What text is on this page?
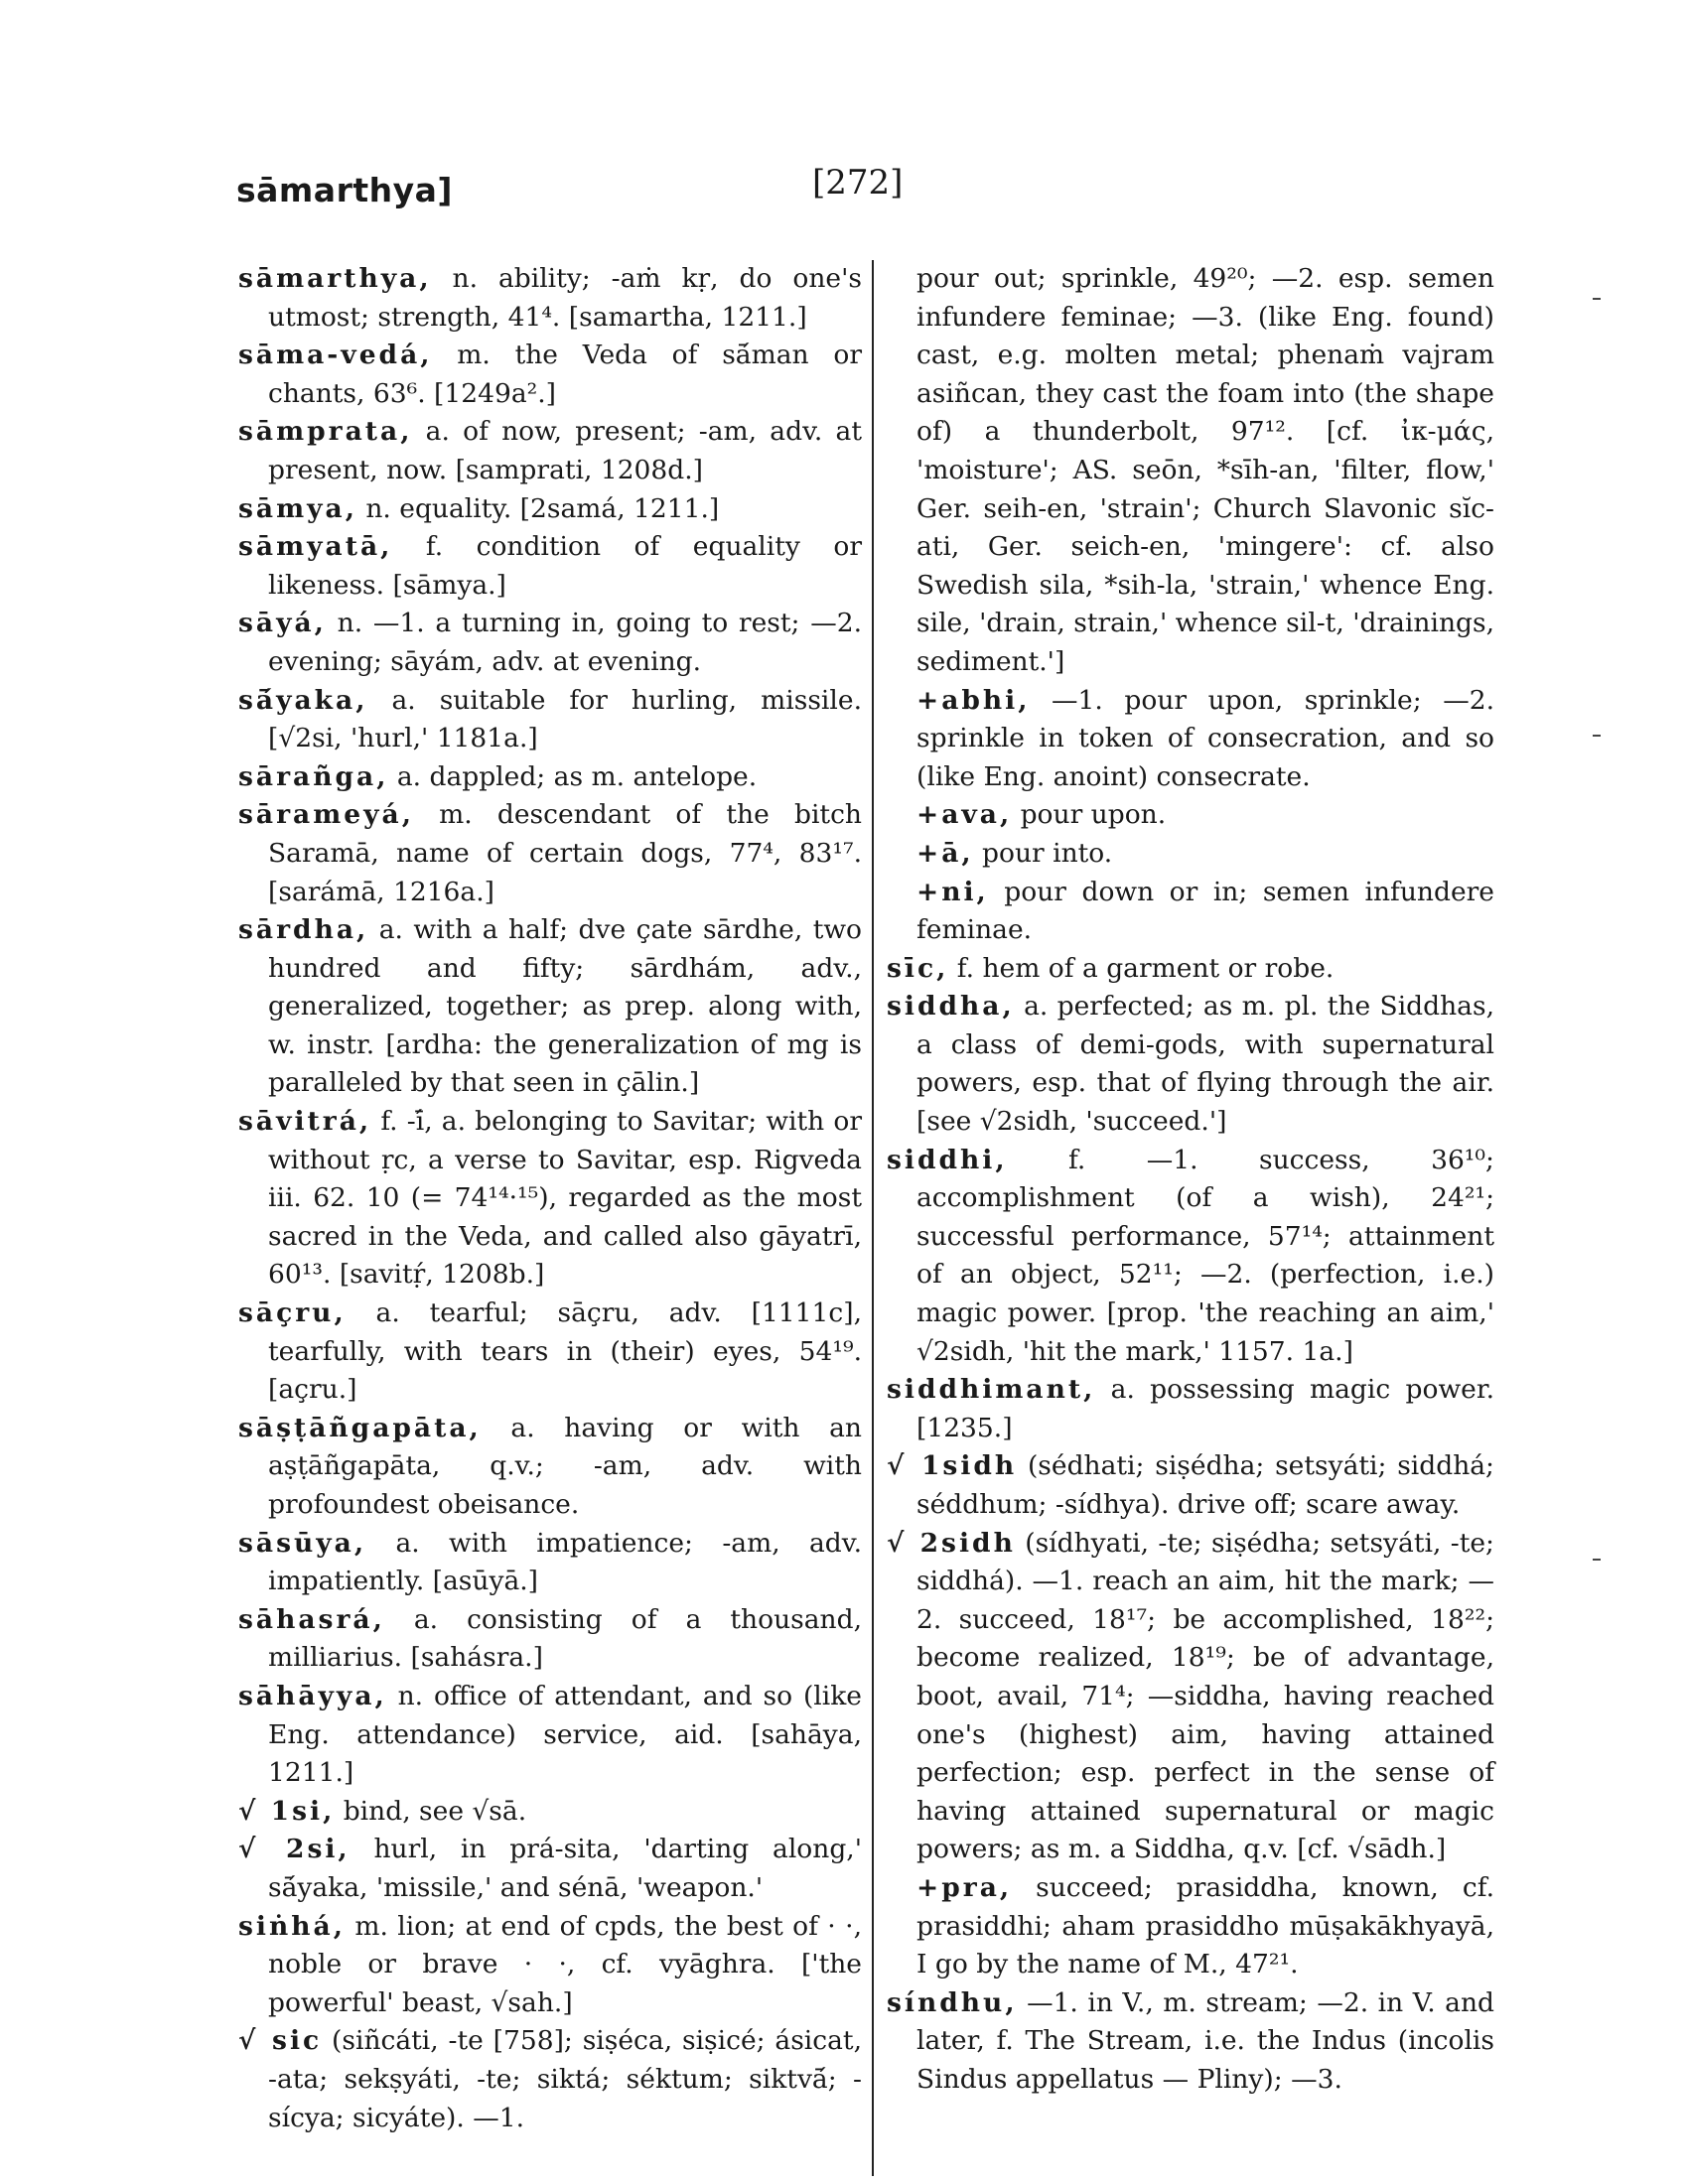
sāmarthya]	[272]

sāmarthya, n. ability; -aṁ kṛ, do one's utmost; strength, 41⁴. [samartha, 1211.]

sāma-vedá, m. the Veda of sā́man or chants, 63⁶. [1249a².]

sāmprata, a. of now, present; -am, adv. at present, now. [samprati, 1208d.]

sāmya, n. equality. [2samá, 1211.]

sāmyatā, f. condition of equality or likeness. [sāmya.]

sāyá, n. —1. a turning in, going to rest; —2. evening; sāyám, adv. at evening.

sā́yaka, a. suitable for hurling, missile. [√2si, 'hurl,' 1181a.]

sārañga, a. dappled; as m. antelope.

sārameyá, m. descendant of the bitch Saramā, name of certain dogs, 77⁴, 83¹⁷. [sarámā, 1216a.]

sārdha, a. with a half; dve çate sārdhe, two hundred and fifty; sārdhám, adv., generalized, together; as prep. along with, w. instr. [ardha: the generalization of mg is paralleled by that seen in çālin.]

sāvitrá, f. -ī́, a. belonging to Savitar; with or without ṛc, a verse to Savitar, esp. Rigveda iii. 62. 10 (= 74¹⁴·¹⁵), regarded as the most sacred in the Veda, and called also gāyatrī, 60¹³. [savitṛ́, 1208b.]

sāçru, a. tearful; sāçru, adv. [1111c], tearfully, with tears in (their) eyes, 54¹⁹. [açru.]

sāṣṭāñgapāta, a. having or with an aṣṭāñgapāta, q.v.; -am, adv. with profoundest obeisance.

sāsūya, a. with impatience; -am, adv. impatiently. [asūyā.]

sāhasrá, a. consisting of a thousand, milliarius. [sahásra.]

sāhāyya, n. office of attendant, and so (like Eng. attendance) service, aid. [sahāya, 1211.]

√ 1si, bind, see √sā.

√ 2si, hurl, in prá-sita, 'darting along,' sā́yaka, 'missile,' and sénā, 'weapon.'

siṅhá, m. lion; at end of cpds, the best of · ·, noble or brave · ·, cf. vyāghra. ['the powerful' beast, √sah.]

√ sic (siñcáti, -te [758]; siṣéca, siṣicé; ásicat, -ata; sekṣyáti, -te; siktá; séktum; siktvā́; -sícya; sicyáte). —1.

pour out; sprinkle, 49²⁰; —2. esp. semen infundere feminae; —3. (like Eng. found) cast, e.g. molten metal; phenaṁ vajram asiñcan, they cast the foam into (the shape of) a thunderbolt, 97¹². [cf. ἰκ-μάς, 'moisture'; AS. seōn, *sīh-an, 'filter, flow,' Ger. seih-en, 'strain'; Church Slavonic sĭc-ati, Ger. seich-en, 'mingere': cf. also Swedish sila, *sih-la, 'strain,' whence Eng. sile, 'drain, strain,' whence sil-t, 'drainings, sediment.']

+abhi, —1. pour upon, sprinkle; —2. sprinkle in token of consecration, and so (like Eng. anoint) consecrate.

+ava, pour upon.

+ā, pour into.

+ni, pour down or in; semen infundere feminae.

sīc, f. hem of a garment or robe.

siddha, a. perfected; as m. pl. the Siddhas, a class of demi-gods, with supernatural powers, esp. that of flying through the air. [see √2sidh, 'succeed.']

siddhi, f. —1. success, 36¹⁰; accomplishment (of a wish), 24²¹; successful performance, 57¹⁴; attainment of an object, 52¹¹; —2. (perfection, i.e.) magic power. [prop. 'the reaching an aim,' √2sidh, 'hit the mark,' 1157. 1a.]

siddhimant, a. possessing magic power. [1235.]

√ 1sidh (sédhati; siṣédha; setsyáti; siddhá; séddhum; -sídhya). drive off; scare away.

√ 2sidh (sídhyati, -te; siṣédha; setsyáti, -te; siddhá). —1. reach an aim, hit the mark; —2. succeed, 18¹⁷; be accomplished, 18²²; become realized, 18¹⁹; be of advantage, boot, avail, 71⁴; —siddha, having reached one's (highest) aim, having attained perfection; esp. perfect in the sense of having attained supernatural or magic powers; as m. a Siddha, q.v. [cf. √sādh.]

+pra, succeed; prasiddha, known, cf. prasiddhi; aham prasiddho mūṣakākhyayā, I go by the name of M., 47²¹.

síndhu, —1. in V., m. stream; —2. in V. and later, f. The Stream, i.e. the Indus (incolis Sindus appellatus — Pliny); —3.
